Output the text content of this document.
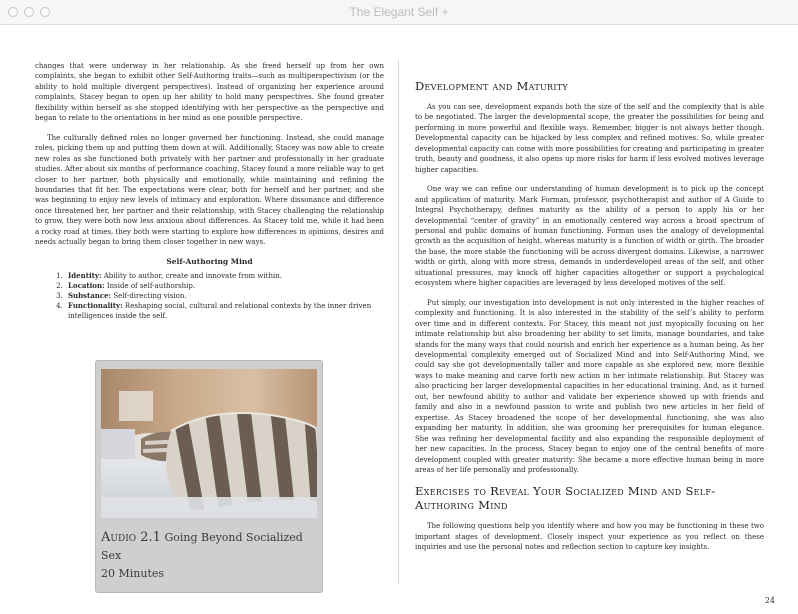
The Elegant Self +

changes that were underway in her relationship. As she freed herself up from her own complaints, she began to exhibit other Self-Authoring traits—such as multiperspectivism (or the ability to hold multiple divergent perspectives). Instead of organizing her experience around complaints, Stacey began to open up her ability to hold many perspectives. She found greater flexibility within herself as she stopped identifying with her perspective as the perspective and began to relate to the orientations in her mind as one possible perspective.

The culturally defined roles no longer governed her functioning. Instead, she could manage roles, picking them up and putting them down at will. Additionally, Stacey was now able to create new roles as she functioned both privately with her partner and professionally in her graduate studies. After about six months of performance coaching, Stacey found a more reliable way to get closer to her partner, both physically and emotionally, while maintaining and refining the boundaries that fit her. The expectations were clear, both for herself and her partner, and she was beginning to enjoy new levels of intimacy and exploration. Where dissonance and difference once threatened her, her partner and their relationship, with Stacey challenging the relationship to grow, they were both now less anxious about differences. As Stacey told me, while it had been a rocky road at times, they both were starting to explore how differences in opinions, desires and needs actually began to bring them closer together in new ways.

Self-Authoring Mind
1. Identity: Ability to author, create and innovate from within.
2. Location: Inside of self-authorship.
3. Substance: Self-directing vision.
4. Functionality: Reshaping social, cultural and relational contexts by the inner driven intelligences inside the self.
Audio 2.1 Going Beyond Socialized Sex
20 Minutes
Development and Maturity

As you can see, development expands both the size of the self and the complexity that is able to be negotiated. The larger the developmental scope, the greater the possibilities for being and performing in more powerful and flexible ways. Remember, bigger is not always better though. Developmental capacity can be hijacked by less complex and refined motives. So, while greater developmental capacity can come with more possibilities for creating and participating in greater truth, beauty and goodness, it also opens up more risks for harm if less evolved motives leverage higher capacities.

One way we can refine our understanding of human development is to pick up the concept and application of maturity. Mark Forman, professor, psychotherapist and author of A Guide to Integral Psychotherapy, defines maturity as the ability of a person to apply his or her developmental “center of gravity” in an emotionally centered way across a broad spectrum of personal and public domains of human functioning. Forman uses the analogy of developmental growth as the acquisition of height, whereas maturity is a function of width or girth. The broader the base, the more stable the functioning will be across divergent domains. Likewise, a narrower width or girth, along with more stress, demands in underdeveloped areas of the self, and other situational pressures, may knock off higher capacities altogether or support a psychological ecosystem where higher capacities are leveraged by less developed motives of the self.

Put simply, our investigation into development is not only interested in the higher reaches of complexity and functioning. It is also interested in the stability of the self’s ability to perform over time and in different contexts. For Stacey, this meant not just myopically focusing on her intimate relationship but also broadening her ability to set limits, manage boundaries, and take stands for the many ways that could nourish and enrich her experience as a human being. As her developmental complexity emerged out of Socialized Mind and into Self-Authoring Mind, we could say she got developmentally taller and more capable as she explored new, more flexible ways to make meaning and carve forth new action in her intimate relationship. But Stacey was also practicing her larger developmental capacities in her educational training. And, as it turned out, her newfound ability to author and validate her experience showed up with friends and family and also in a newfound passion to write and publish two new articles in her field of expertise. As Stacey broadened the scope of her developmental functioning, she was also expanding her maturity. In addition, she was grooming her prerequisites for human elegance. She was refining her developmental facility and also expanding the responsible deployment of her new capacities. In the process, Stacey began to enjoy one of the central benefits of more development coupled with greater maturity: She became a more effective human being in more areas of her life personally and professionally.

Exercises to Reveal Your Socialized Mind and Self-Authoring Mind

The following questions help you identify where and how you may be functioning in these two important stages of development. Closely inspect your experience as you reflect on these inquiries and use the personal notes and reflection section to capture key insights.

24
